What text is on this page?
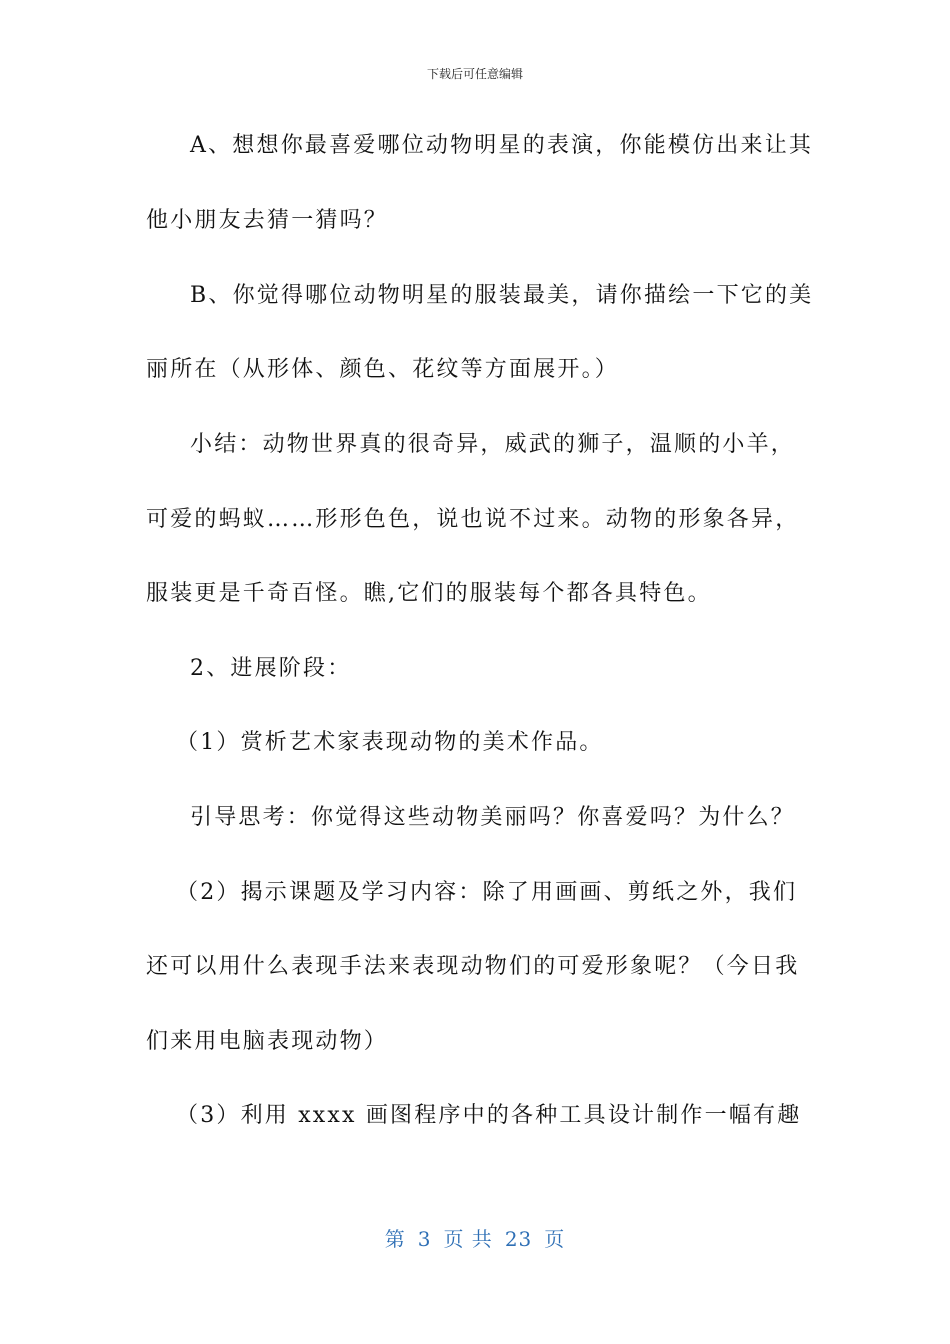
下载后可任意编辑
A、想想你最喜爱哪位动物明星的表演，你能模仿出来让其
他小朋友去猜一猜吗？
B、你觉得哪位动物明星的服装最美，请你描绘一下它的美
丽所在（从形体、颜色、花纹等方面展开。）
小结：动物世界真的很奇异，威武的狮子，温顺的小羊，
可爱的蚂蚁……形形色色，说也说不过来。动物的形象各异，
服装更是千奇百怪。瞧,它们的服装每个都各具特色。
2、进展阶段：
（1）赏析艺术家表现动物的美术作品。
引导思考：你觉得这些动物美丽吗？你喜爱吗？为什么？
（2）揭示课题及学习内容：除了用画画、剪纸之外，我们
还可以用什么表现手法来表现动物们的可爱形象呢？（今日我
们来用电脑表现动物）
（3）利用 xxxx 画图程序中的各种工具设计制作一幅有趣
第 3 页 共 23 页
